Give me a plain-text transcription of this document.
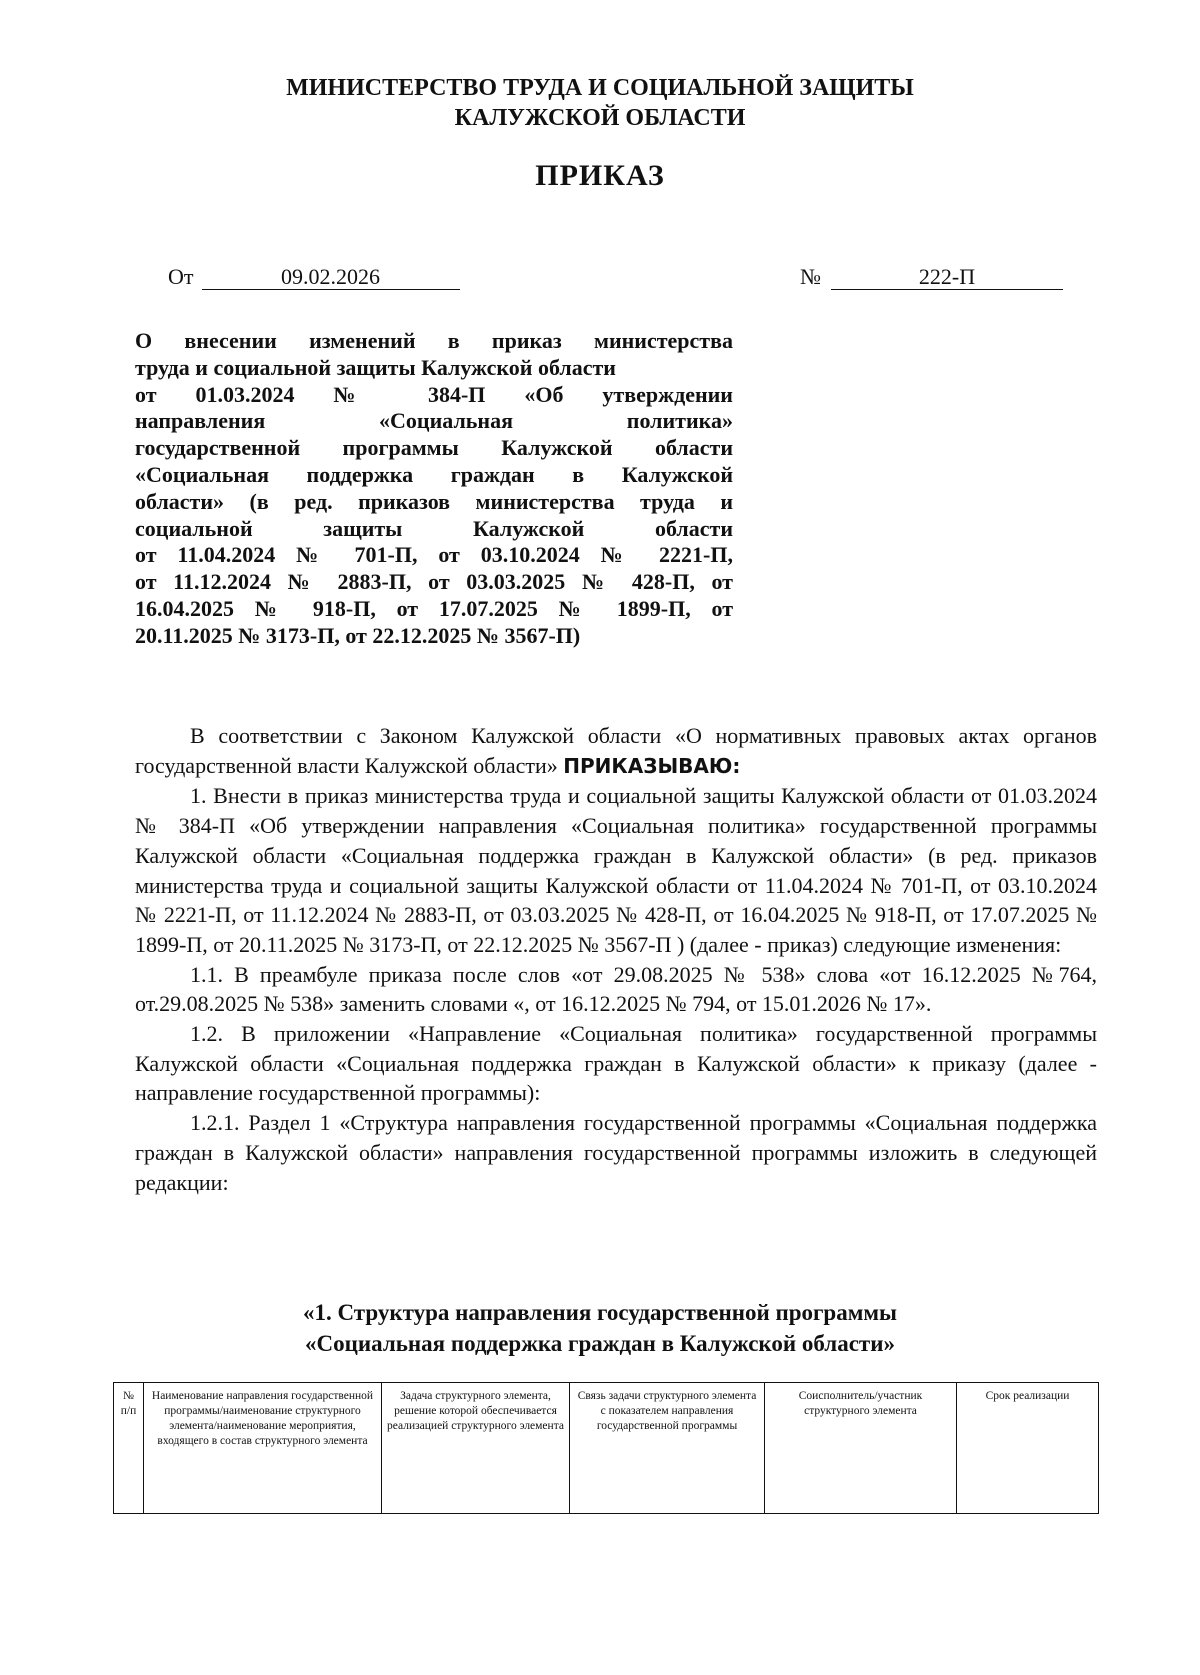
МИНИСТЕРСТВО ТРУДА И СОЦИАЛЬНОЙ ЗАЩИТЫ
КАЛУЖСКОЙ ОБЛАСТИ
ПРИКАЗ
От	09.02.2026	№	222-П
О внесении изменений в приказ министерства
труда и социальной защиты Калужской области
от 01.03.2024 № 384-П «Об утверждении
направления «Социальная политика»
государственной программы Калужской области
«Социальная поддержка граждан в Калужской
области» (в ред. приказов министерства труда и
социальной защиты Калужской области
от 11.04.2024 № 701-П, от 03.10.2024 № 2221-П,
от 11.12.2024 № 2883-П, от 03.03.2025 № 428-П, от
16.04.2025 № 918-П, от 17.07.2025 № 1899-П, от
20.11.2025 № 3173-П, от 22.12.2025 № 3567-П)

В соответствии с Законом Калужской области «О нормативных правовых актах органов государственной власти Калужской области» ПРИКАЗЫВАЮ:

1. Внести в приказ министерства труда и социальной защиты Калужской области от 01.03.2024 № 384-П «Об утверждении направления «Социальная политика» государственной программы Калужской области «Социальная поддержка граждан в Калужской области» (в ред. приказов министерства труда и социальной защиты Калужской области от 11.04.2024 № 701-П, от 03.10.2024 № 2221-П, от 11.12.2024 № 2883-П, от 03.03.2025 № 428-П, от 16.04.2025 № 918-П, от 17.07.2025 № 1899-П, от 20.11.2025 № 3173-П, от 22.12.2025 № 3567-П ) (далее - приказ) следующие изменения:

1.1. В преамбуле приказа после слов «от 29.08.2025 № 538» слова «от 16.12.2025 №764, от.29.08.2025 № 538» заменить словами «, от 16.12.2025 № 794, от 15.01.2026 № 17».

1.2. В приложении «Направление «Социальная политика» государственной программы Калужской области «Социальная поддержка граждан в Калужской области» к приказу (далее - направление государственной программы):

1.2.1. Раздел 1 «Структура направления государственной программы «Социальная поддержка граждан в Калужской области» направления государственной программы изложить в следующей редакции:

«1. Структура направления государственной программы
«Социальная поддержка граждан в Калужской области»
№ п/п	Наименование направления государственной программы/наименование структурного элемента/наименование мероприятия, входящего в состав структурного элемента	Задача структурного элемента, решение которой обеспечивается реализацией структурного элемента	Связь задачи структурного элемента с показателем направления государственной программы	Соисполнитель/участник структурного элемента	Срок реализации
